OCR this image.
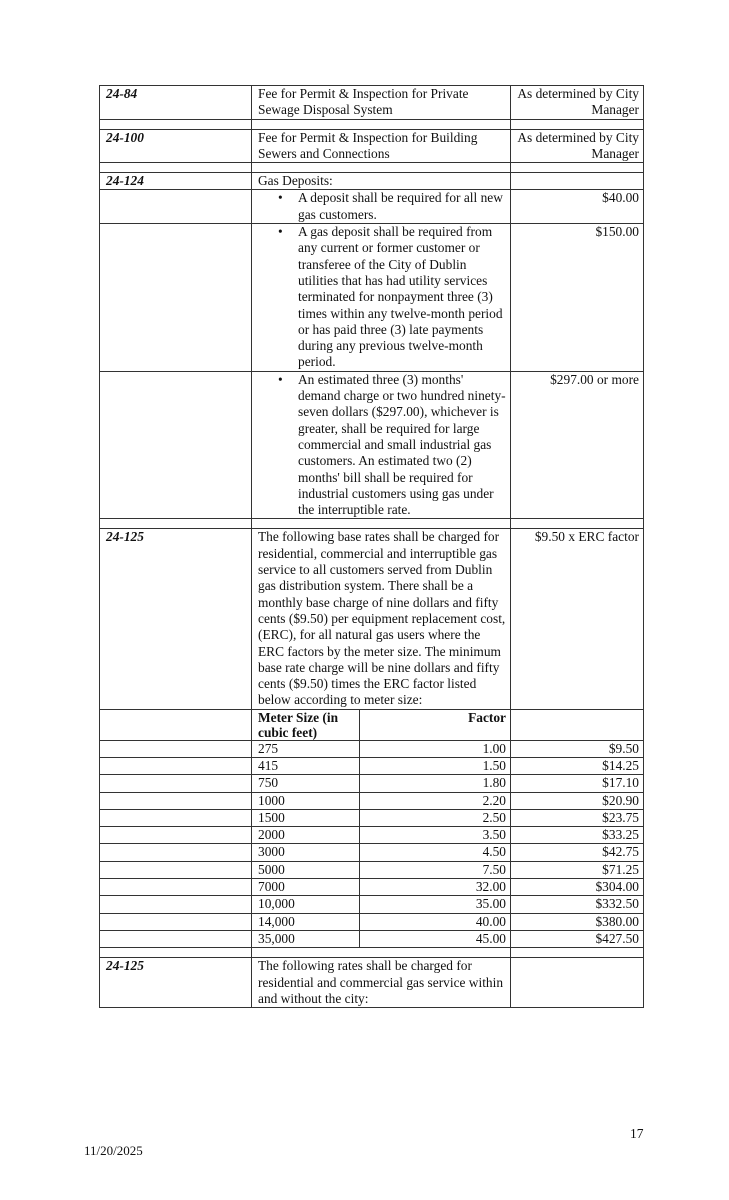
24-84	Fee for Permit & Inspection for Private Sewage Disposal System		As determined by City Manager

24-100	Fee for Permit & Inspection for Building Sewers and Connections		As determined by City Manager

24-124	Gas Deposits:		

	• A deposit shall be required for all new gas customers.		$40.00

	• A gas deposit shall be required from any current or former customer or transferee of the City of Dublin utilities that has had utility services terminated for nonpayment three (3) times within any twelve-month period or has paid three (3) late payments during any previous twelve-month period.		$150.00

	• An estimated three (3) months' demand charge or two hundred ninety-seven dollars ($297.00), whichever is greater, shall be required for large commercial and small industrial gas customers. An estimated two (2) months' bill shall be required for industrial customers using gas under the interruptible rate.		$297.00 or more

24-125	The following base rates shall be charged for residential, commercial and interruptible gas service to all customers served from Dublin gas distribution system. There shall be a monthly base charge of nine dollars and fifty cents ($9.50) per equipment replacement cost, (ERC), for all natural gas users where the ERC factors by the meter size. The minimum base rate charge will be nine dollars and fifty cents ($9.50) times the ERC factor listed below according to meter size:		$9.50 x ERC factor
	Meter Size (in cubic feet)	Factor	
	275	1.00	$9.50
	415	1.50	$14.25
	750	1.80	$17.10
	1000	2.20	$20.90
	1500	2.50	$23.75
	2000	3.50	$33.25
	3000	4.50	$42.75
	5000	7.50	$71.25
	7000	32.00	$304.00
	10,000	35.00	$332.50
	14,000	40.00	$380.00
	35,000	45.00	$427.50

24-125	The following rates shall be charged for residential and commercial gas service within and without the city:		
17
11/20/2025
